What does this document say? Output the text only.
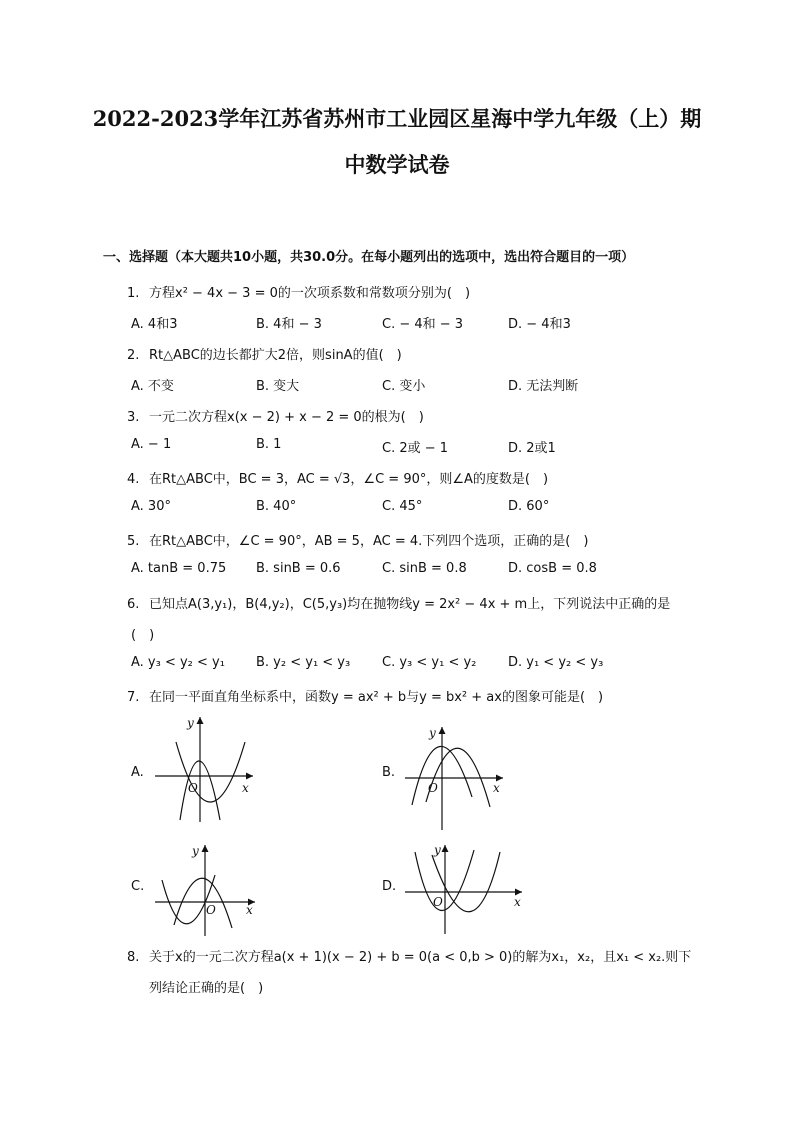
2022-2023学年江苏省苏州市工业园区星海中学九年级（上）期
中数学试卷
一、选择题（本大题共10小题，共30.0分。在每小题列出的选项中，选出符合题目的一项）
1. 方程x² − 4x − 3 = 0的一次项系数和常数项分别为(　)
A. 4和3	B. 4和 − 3	C. − 4和 − 3	D. − 4和3
2. Rt△ABC的边长都扩大2倍，则sinA的值(　)
A. 不变	B. 变大	C. 变小	D. 无法判断
3. 一元二次方程x(x − 2) + x − 2 = 0的根为(　)
A. − 1	B. 1	C. 2或 − 1	D. 2或1
4. 在Rt△ABC中，BC = 3，AC = √3，∠C = 90°，则∠A的度数是(　)
A. 30°	B. 40°	C. 45°	D. 60°
5. 在Rt△ABC中，∠C = 90°，AB = 5，AC = 4.下列四个选项，正确的是(　)
A. tanB = 0.75 B. sinB = 0.6	C. sinB = 0.8	D. cosB = 0.8
6. 已知点A(3,y₁)，B(4,y₂)，C(5,y₃)均在抛物线y = 2x² − 4x + m上，下列说法中正确的是
(　)
A. y₃ < y₂ < y₁ B. y₂ < y₁ < y₃ C. y₃ < y₁ < y₂ D. y₁ < y₂ < y₃
7. 在同一平面直角坐标系中，函数y = ax² + b与y = bx² + ax的图象可能是(　)
A.	B.
C.	D.
y
x
O
y
x
O
y
x
O
y
x
O
8. 关于x的一元二次方程a(x + 1)(x − 2) + b = 0(a < 0,b > 0)的解为x₁，x₂，且x₁ < x₂.则下
列结论正确的是(　)
